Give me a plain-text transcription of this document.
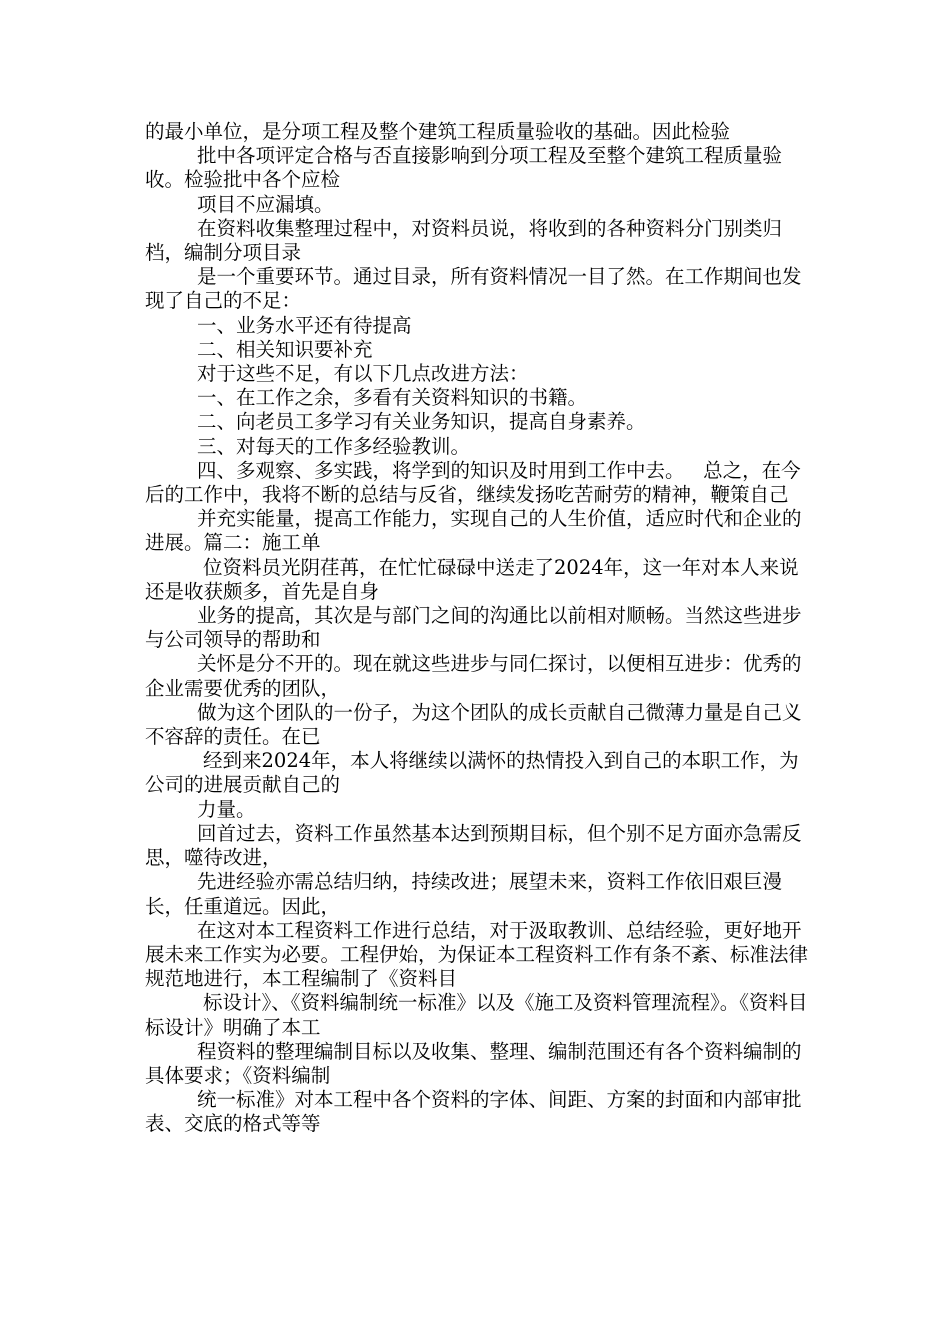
的最小单位，是分项工程及整个建筑工程质量验收的基础。因此检验

批中各项评定合格与否直接影响到分项工程及至整个建筑工程质量验收。检验批中各个应检

项目不应漏填。

在资料收集整理过程中，对资料员说，将收到的各种资料分门别类归档，编制分项目录

是一个重要环节。通过目录，所有资料情况一目了然。在工作期间也发现了自己的不足：

一、业务水平还有待提高

二、相关知识要补充

对于这些不足，有以下几点改进方法：

一、在工作之余，多看有关资料知识的书籍。

二、向老员工多学习有关业务知识，提高自身素养。

三、对每天的工作多经验教训。

四、多观察、多实践，将学到的知识及时用到工作中去。   总之，在今后的工作中，我将不断的总结与反省，继续发扬吃苦耐劳的精神，鞭策自己

并充实能量，提高工作能力，实现自己的人生价值，适应时代和企业的进展。篇二：施工单

位资料员光阴荏苒，在忙忙碌碌中送走了2024年，这一年对本人来说还是收获颇多，首先是自身

业务的提高，其次是与部门之间的沟通比以前相对顺畅。当然这些进步与公司领导的帮助和

关怀是分不开的。现在就这些进步与同仁探讨，以便相互进步：优秀的企业需要优秀的团队，

做为这个团队的一份子，为这个团队的成长贡献自己微薄力量是自己义不容辞的责任。在已

经到来2024年，本人将继续以满怀的热情投入到自己的本职工作，为公司的进展贡献自己的

力量。

回首过去，资料工作虽然基本达到预期目标，但个别不足方面亦急需反思，噬待改进，

先进经验亦需总结归纳，持续改进；展望未来，资料工作依旧艰巨漫长，任重道远。因此，

在这对本工程资料工作进行总结，对于汲取教训、总结经验，更好地开展未来工作实为必要。工程伊始，为保证本工程资料工作有条不紊、标准法律规范地进行，本工程编制了《资料目

标设计》、《资料编制统一标准》以及《施工及资料管理流程》。《资料目标设计》明确了本工

程资料的整理编制目标以及收集、整理、编制范围还有各个资料编制的具体要求；《资料编制

统一标准》对本工程中各个资料的字体、间距、方案的封面和内部审批表、交底的格式等等
